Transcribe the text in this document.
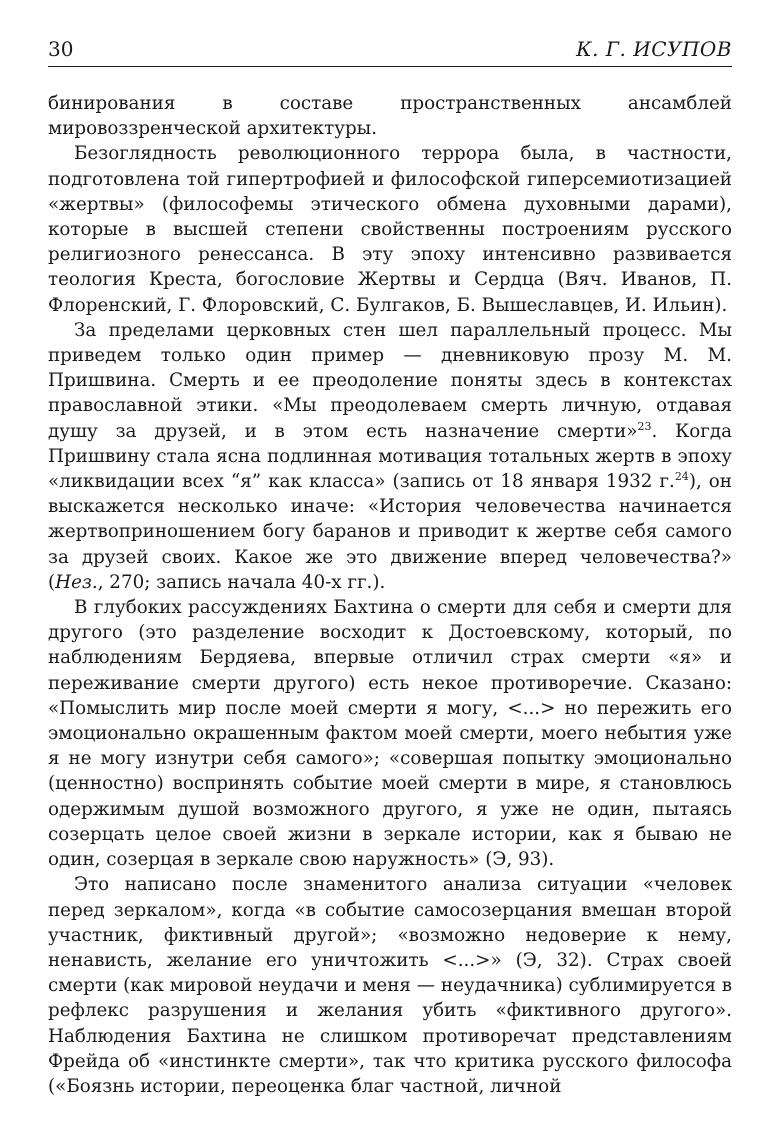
30	К. Г. ИСУПОВ

бинирования в составе пространственных ансамблей мировоззренческой архитектуры.

Безоглядность революционного террора была, в частности, подготовлена той гипертрофией и философской гиперсемиотизацией «жертвы» (философемы этического обмена духовными дарами), которые в высшей степени свойственны построениям русского религиозного ренессанса. В эту эпоху интенсивно развивается теология Креста, богословие Жертвы и Сердца (Вяч. Иванов, П. Флоренский, Г. Флоровский, С. Булгаков, Б. Вышеславцев, И. Ильин).

За пределами церковных стен шел параллельный процесс. Мы приведем только один пример — дневниковую прозу М. М. Пришвина. Смерть и ее преодоление поняты здесь в контекстах православной этики. «Мы преодолеваем смерть личную, отдавая душу за друзей, и в этом есть назначение смерти»$^{23}$. Когда Пришвину стала ясна подлинная мотивация тотальных жертв в эпоху «ликвидации всех “я” как класса» (запись от 18 января 1932 г.$^{24}$), он выскажется несколько иначе: «История человечества начинается жертвоприношением богу баранов и приводит к жертве себя самого за друзей своих. Какое же это движение вперед человечества?» (Нез., 270; запись начала 40-х гг.).

В глубоких рассуждениях Бахтина о смерти для себя и смерти для другого (это разделение восходит к Достоевскому, который, по наблюдениям Бердяева, впервые отличил страх смерти «я» и переживание смерти другого) есть некое противоречие. Сказано: «Помыслить мир после моей смерти я могу, <...> но пережить его эмоционально окрашенным фактом моей смерти, моего небытия уже я не могу изнутри себя самого»; «совершая попытку эмоционально (ценностно) воспринять событие моей смерти в мире, я становлюсь одержимым душой возможного другого, я уже не один, пытаясь созерцать целое своей жизни в зеркале истории, как я бываю не один, созерцая в зеркале свою наружность» (Э, 93).

Это написано после знаменитого анализа ситуации «человек перед зеркалом», когда «в событие самосозерцания вмешан второй участник, фиктивный другой»; «возможно недоверие к нему, ненависть, желание его уничтожить <...>» (Э, 32). Страх своей смерти (как мировой неудачи и меня — неудачника) сублимируется в рефлекс разрушения и желания убить «фиктивного другого». Наблюдения Бахтина не слишком противоречат представлениям Фрейда об «инстинкте смерти», так что критика русского философа («Боязнь истории, переоценка благ частной, личной
